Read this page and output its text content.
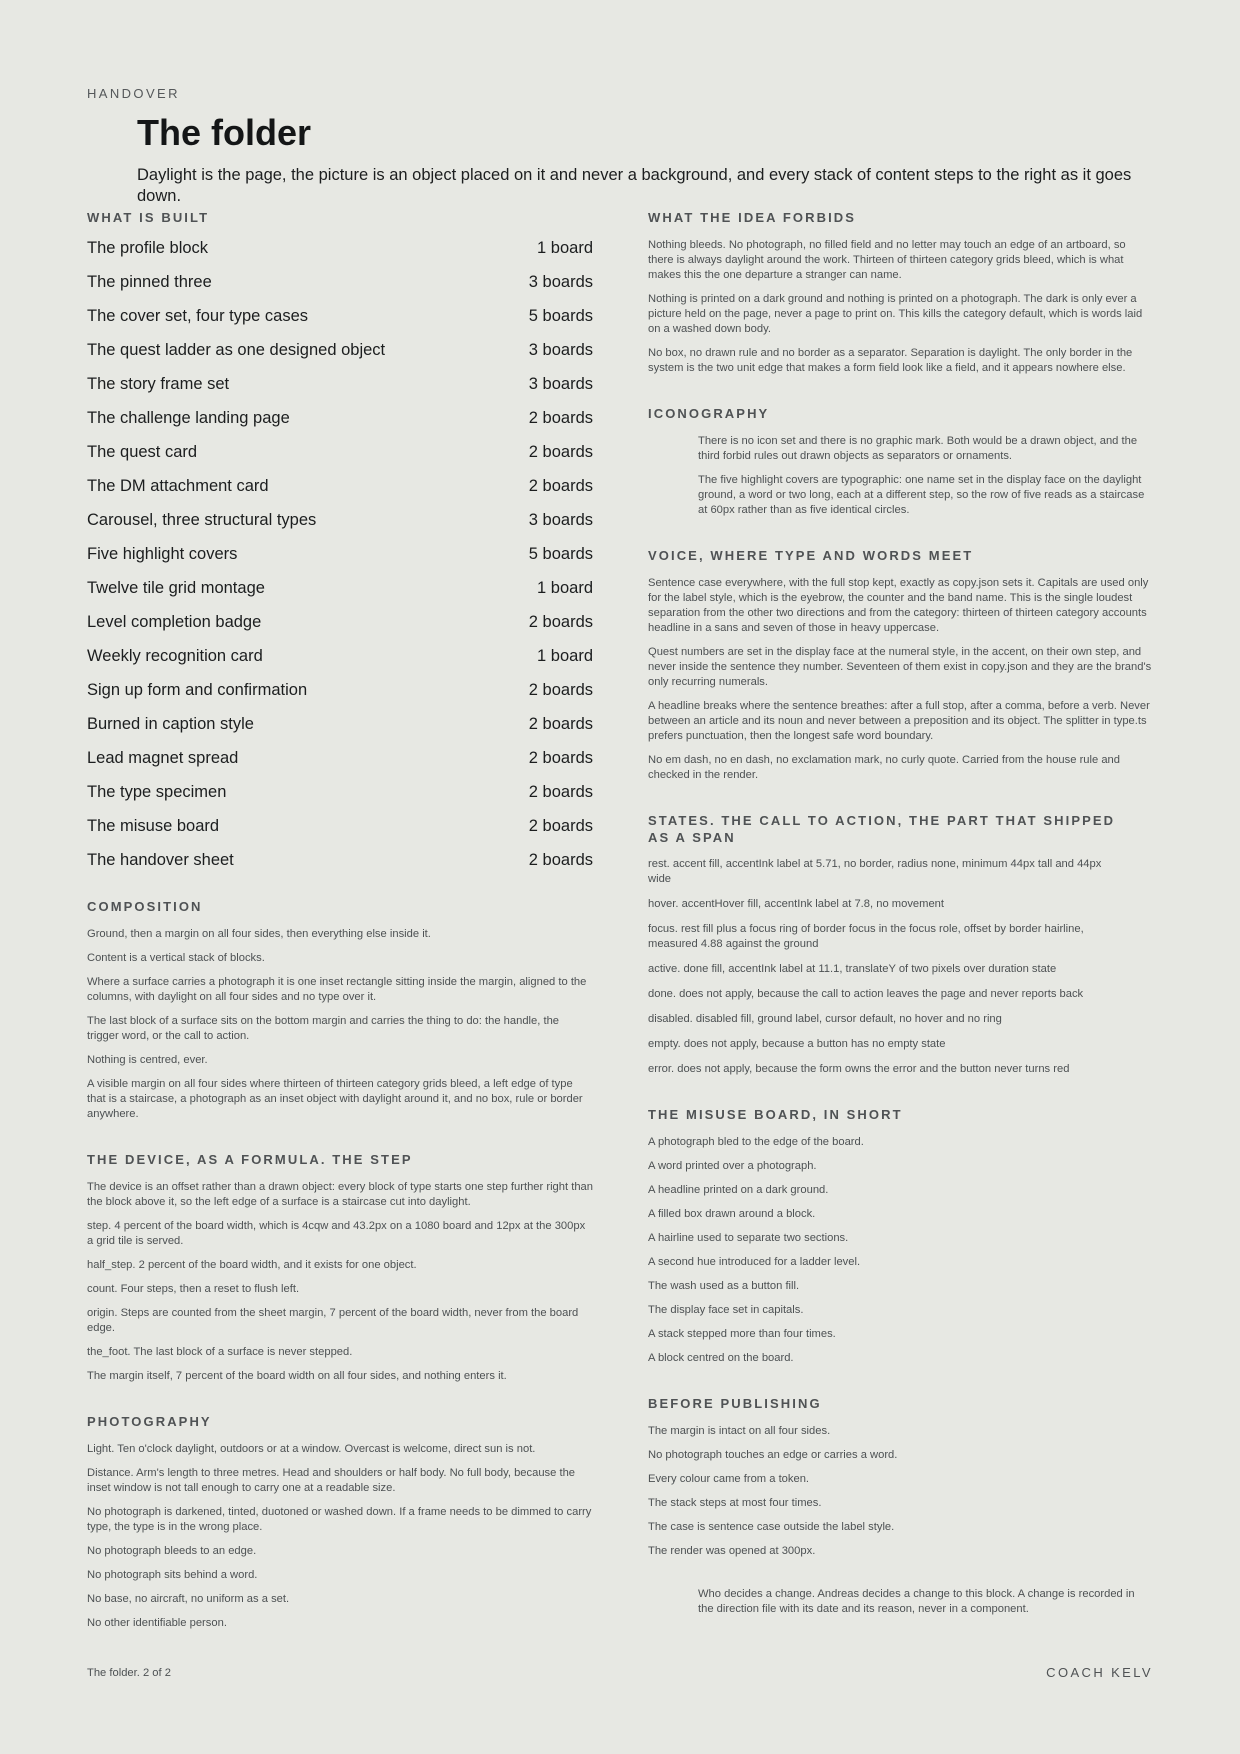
HANDOVER

The folder

Daylight is the page, the picture is an object placed on it and never a background, and every stack of content steps to the right as it goes down.

WHAT IS BUILT
The profile block	1 board
The pinned three	3 boards
The cover set, four type cases	5 boards
The quest ladder as one designed object	3 boards
The story frame set	3 boards
The challenge landing page	2 boards
The quest card	2 boards
The DM attachment card	2 boards
Carousel, three structural types	3 boards
Five highlight covers	5 boards
Twelve tile grid montage	1 board
Level completion badge	2 boards
Weekly recognition card	1 board
Sign up form and confirmation	2 boards
Burned in caption style	2 boards
Lead magnet spread	2 boards
The type specimen	2 boards
The misuse board	2 boards
The handover sheet	2 boards
COMPOSITION

Ground, then a margin on all four sides, then everything else inside it.

Content is a vertical stack of blocks.

Where a surface carries a photograph it is one inset rectangle sitting inside the margin, aligned to the columns, with daylight on all four sides and no type over it.

The last block of a surface sits on the bottom margin and carries the thing to do: the handle, the trigger word, or the call to action.

Nothing is centred, ever.

A visible margin on all four sides where thirteen of thirteen category grids bleed, a left edge of type that is a staircase, a photograph as an inset object with daylight around it, and no box, rule or border anywhere.

THE DEVICE, AS A FORMULA. THE STEP

The device is an offset rather than a drawn object: every block of type starts one step further right than the block above it, so the left edge of a surface is a staircase cut into daylight.

step. 4 percent of the board width, which is 4cqw and 43.2px on a 1080 board and 12px at the 300px a grid tile is served.

half_step. 2 percent of the board width, and it exists for one object.

count. Four steps, then a reset to flush left.

origin. Steps are counted from the sheet margin, 7 percent of the board width, never from the board edge.

the_foot. The last block of a surface is never stepped.

The margin itself, 7 percent of the board width on all four sides, and nothing enters it.

PHOTOGRAPHY

Light. Ten o'clock daylight, outdoors or at a window. Overcast is welcome, direct sun is not.

Distance. Arm's length to three metres. Head and shoulders or half body. No full body, because the inset window is not tall enough to carry one at a readable size.

No photograph is darkened, tinted, duotoned or washed down. If a frame needs to be dimmed to carry type, the type is in the wrong place.

No photograph bleeds to an edge.

No photograph sits behind a word.

No base, no aircraft, no uniform as a set.

No other identifiable person.

WHAT THE IDEA FORBIDS

Nothing bleeds. No photograph, no filled field and no letter may touch an edge of an artboard, so there is always daylight around the work. Thirteen of thirteen category grids bleed, which is what makes this the one departure a stranger can name.

Nothing is printed on a dark ground and nothing is printed on a photograph. The dark is only ever a picture held on the page, never a page to print on. This kills the category default, which is words laid on a washed down body.

No box, no drawn rule and no border as a separator. Separation is daylight. The only border in the system is the two unit edge that makes a form field look like a field, and it appears nowhere else.

ICONOGRAPHY

There is no icon set and there is no graphic mark. Both would be a drawn object, and the third forbid rules out drawn objects as separators or ornaments.

The five highlight covers are typographic: one name set in the display face on the daylight ground, a word or two long, each at a different step, so the row of five reads as a staircase at 60px rather than as five identical circles.

VOICE, WHERE TYPE AND WORDS MEET

Sentence case everywhere, with the full stop kept, exactly as copy.json sets it. Capitals are used only for the label style, which is the eyebrow, the counter and the band name. This is the single loudest separation from the other two directions and from the category: thirteen of thirteen category accounts headline in a sans and seven of those in heavy uppercase.

Quest numbers are set in the display face at the numeral style, in the accent, on their own step, and never inside the sentence they number. Seventeen of them exist in copy.json and they are the brand's only recurring numerals.

A headline breaks where the sentence breathes: after a full stop, after a comma, before a verb. Never between an article and its noun and never between a preposition and its object. The splitter in type.ts prefers punctuation, then the longest safe word boundary.

No em dash, no en dash, no exclamation mark, no curly quote. Carried from the house rule and checked in the render.

STATES. THE CALL TO ACTION, THE PART THAT SHIPPED AS A SPAN

rest. accent fill, accentInk label at 5.71, no border, radius none, minimum 44px tall and 44px wide

hover. accentHover fill, accentInk label at 7.8, no movement

focus. rest fill plus a focus ring of border focus in the focus role, offset by border hairline, measured 4.88 against the ground

active. done fill, accentInk label at 11.1, translateY of two pixels over duration state

done. does not apply, because the call to action leaves the page and never reports back

disabled. disabled fill, ground label, cursor default, no hover and no ring

empty. does not apply, because a button has no empty state

error. does not apply, because the form owns the error and the button never turns red

THE MISUSE BOARD, IN SHORT

A photograph bled to the edge of the board.

A word printed over a photograph.

A headline printed on a dark ground.

A filled box drawn around a block.

A hairline used to separate two sections.

A second hue introduced for a ladder level.

The wash used as a button fill.

The display face set in capitals.

A stack stepped more than four times.

A block centred on the board.

BEFORE PUBLISHING

The margin is intact on all four sides.

No photograph touches an edge or carries a word.

Every colour came from a token.

The stack steps at most four times.

The case is sentence case outside the label style.

The render was opened at 300px.

Who decides a change. Andreas decides a change to this block. A change is recorded in the direction file with its date and its reason, never in a component.

The folder. 2 of 2	COACH KELV
